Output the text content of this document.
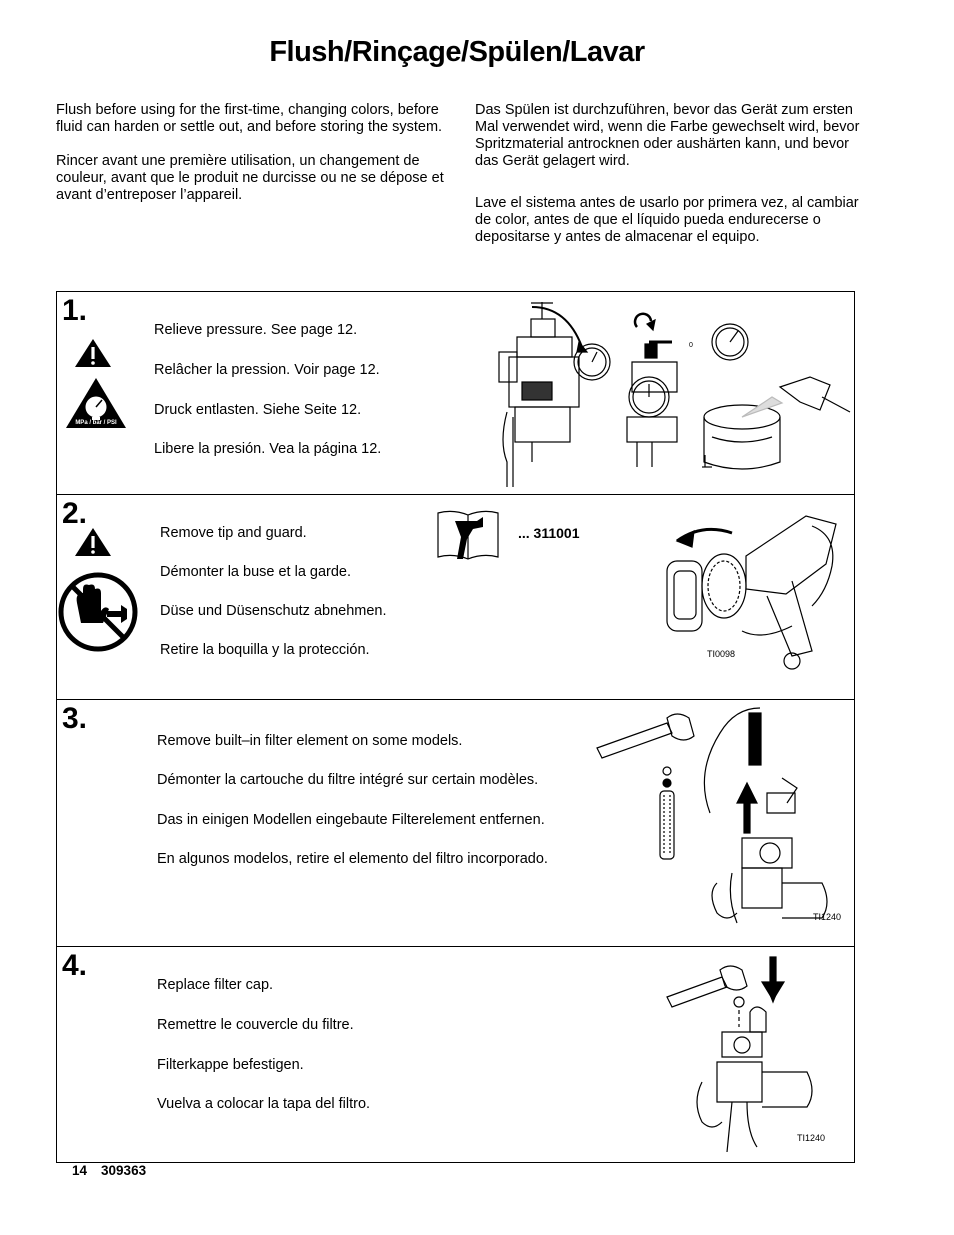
Flush/Rinçage/Spülen/Lavar

Flush before using for the first-time, changing colors, before fluid can harden or settle out, and before storing the system.

Rincer avant une première utilisation, un changement de couleur, avant que le produit ne durcisse ou ne se dépose et avant d’entreposer l’appareil.

Das Spülen ist durchzuführen, bevor das Gerät zum ersten Mal verwendet wird, wenn die Farbe gewechselt wird, bevor Spritzmaterial antrocknen oder aushärten kann, und bevor das Gerät gelagert wird.

Lave el sistema antes de usarlo por primera vez, al cambiar de color, antes de que el líquido pueda endurecerse o depositarse y antes de almacenar el equipo.

1.
Relieve pressure. See page 12.
Relâcher la pression. Voir page 12.
Druck entlasten. Siehe Seite 12.
Libere la presión. Vea la página 12.
MPa / bar / PSI
0
2.
Remove tip and guard.
Démonter la buse et la garde.
Düse und Düsenschutz abnehmen.
Retire la boquilla y la protección.
... 311001
TI0098
3.
Remove built–in filter element on some models.
Démonter la cartouche du filtre intégré sur certain modèles.
Das in einigen Modellen eingebaute Filterelement entfernen.
En algunos modelos, retire el elemento del filtro incorporado.
TI1240
4.
Replace filter cap.
Remettre le couvercle du filtre.
Filterkappe befestigen.
Vuelva a colocar la tapa del filtro.
TI1240
14 309363
